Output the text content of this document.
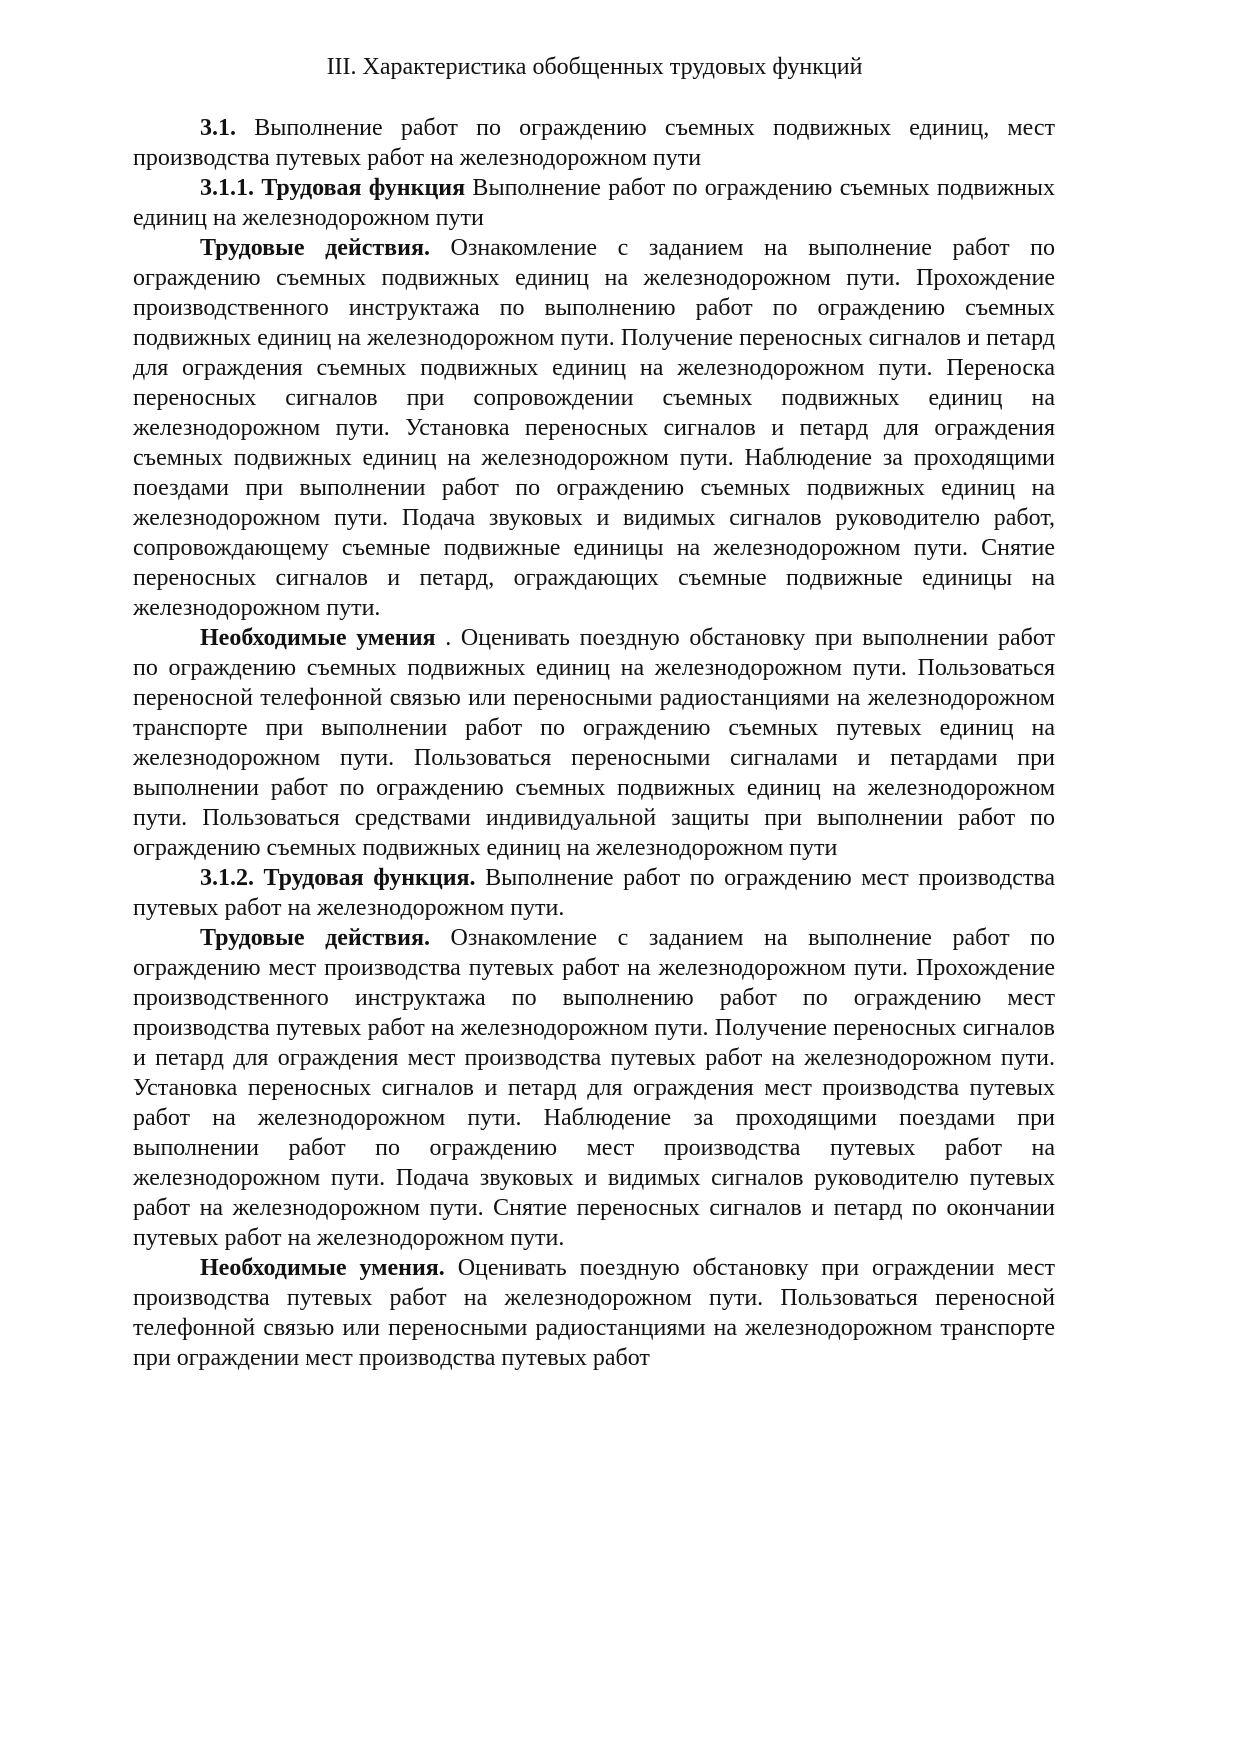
III. Характеристика обобщенных трудовых функций

3.1. Выполнение работ по ограждению съемных подвижных единиц, мест производства путевых работ на железнодорожном пути

3.1.1. Трудовая функция Выполнение работ по ограждению съемных подвижных единиц на железнодорожном пути

Трудовые действия. Ознакомление с заданием на выполнение работ по ограждению съемных подвижных единиц на железнодорожном пути. Прохождение производственного инструктажа по выполнению работ по ограждению съемных подвижных единиц на железнодорожном пути. Получение переносных сигналов и петард для ограждения съемных подвижных единиц на железнодорожном пути. Переноска переносных сигналов при сопровождении съемных подвижных единиц на железнодорожном пути. Установка переносных сигналов и петард для ограждения съемных подвижных единиц на железнодорожном пути. Наблюдение за проходящими поездами при выполнении работ по ограждению съемных подвижных единиц на железнодорожном пути. Подача звуковых и видимых сигналов руководителю работ, сопровождающему съемные подвижные единицы на железнодорожном пути. Снятие переносных сигналов и петард, ограждающих съемные подвижные единицы на железнодорожном пути.

Необходимые умения . Оценивать поездную обстановку при выполнении работ по ограждению съемных подвижных единиц на железнодорожном пути. Пользоваться переносной телефонной связью или переносными радиостанциями на железнодорожном транспорте при выполнении работ по ограждению съемных путевых единиц на железнодорожном пути. Пользоваться переносными сигналами и петардами при выполнении работ по ограждению съемных подвижных единиц на железнодорожном пути. Пользоваться средствами индивидуальной защиты при выполнении работ по ограждению съемных подвижных единиц на железнодорожном пути

3.1.2. Трудовая функция. Выполнение работ по ограждению мест производства путевых работ на железнодорожном пути.

Трудовые действия. Ознакомление с заданием на выполнение работ по ограждению мест производства путевых работ на железнодорожном пути. Прохождение производственного инструктажа по выполнению работ по ограждению мест производства путевых работ на железнодорожном пути. Получение переносных сигналов и петард для ограждения мест производства путевых работ на железнодорожном пути. Установка переносных сигналов и петард для ограждения мест производства путевых работ на железнодорожном пути. Наблюдение за проходящими поездами при выполнении работ по ограждению мест производства путевых работ на железнодорожном пути. Подача звуковых и видимых сигналов руководителю путевых работ на железнодорожном пути. Снятие переносных сигналов и петард по окончании путевых работ на железнодорожном пути.

Необходимые умения. Оценивать поездную обстановку при ограждении мест производства путевых работ на железнодорожном пути. Пользоваться переносной телефонной связью или переносными радиостанциями на железнодорожном транспорте при ограждении мест производства путевых работ
